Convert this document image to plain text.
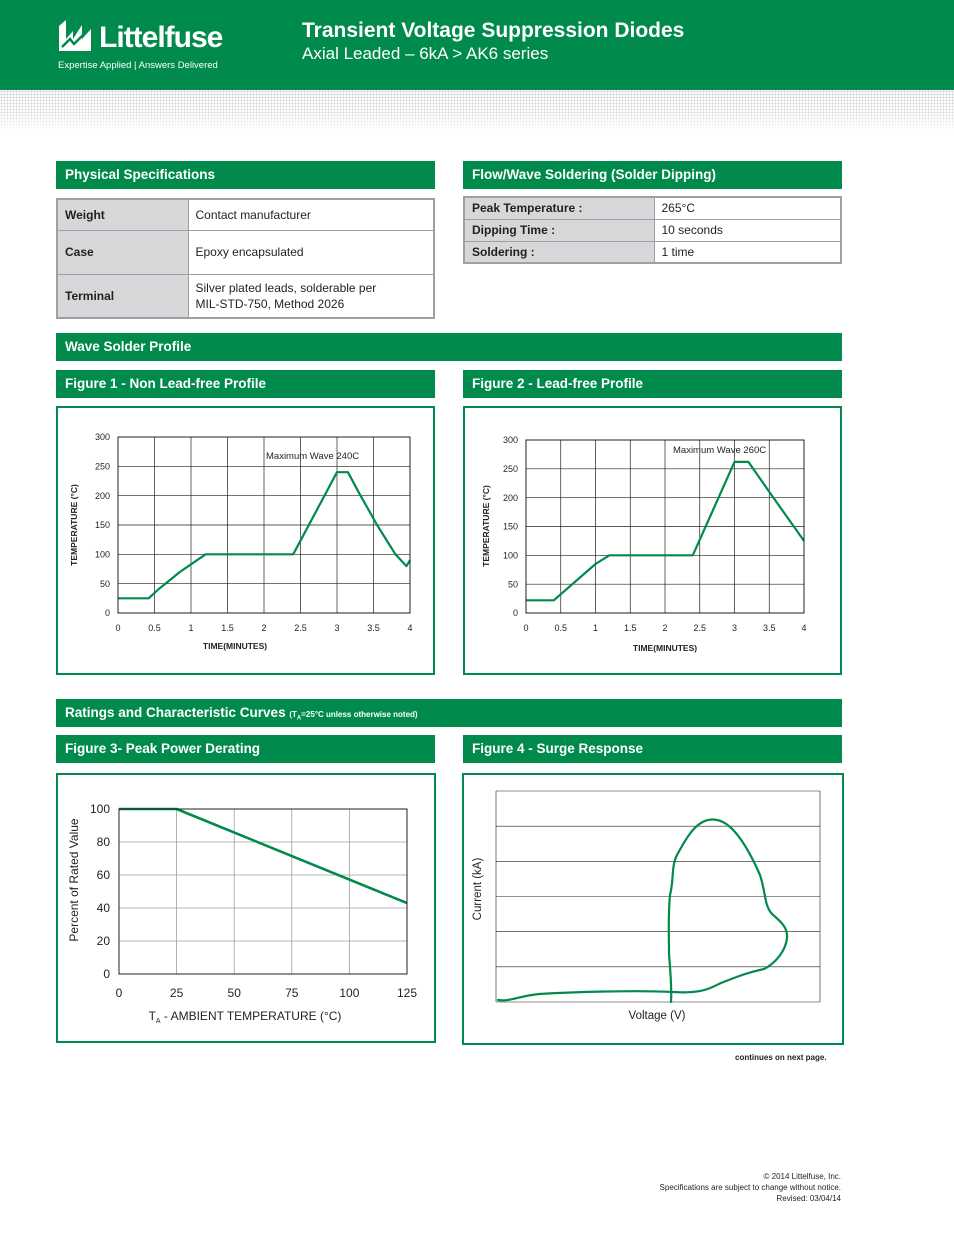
Littelfuse
Expertise Applied | Answers Delivered
Transient Voltage Suppression Diodes
Axial Leaded – 6kA > AK6 series
Physical Specifications
Weight	Contact manufacturer
Case	Epoxy encapsulated
Terminal	Silver plated leads, solderable per
MIL-STD-750, Method 2026
Flow/Wave Soldering (Solder Dipping)
Peak Temperature :	265°C
Dipping Time :	10 seconds
Soldering :	1 time
Wave Solder Profile
Figure 1 - Non Lead-free Profile
0	0.5	1	1.5	2	2.5	3	3.5	4
0
50
100
150
200
250
300
Maximum Wave 240C
TIME(MINUTES)
TEMPERATURE (°C)
Figure 2 - Lead-free Profile
0	0.5	1	1.5	2	2.5	3	3.5	4
0
50
100
150
200
250
300
Maximum Wave 260C
TIME(MINUTES)
TEMPERATURE (°C)
Ratings and Characteristic Curves ($T_A=25^\circ C$ unless otherwise noted)
Figure 3- Peak Power Derating
0	25	50	75	100	125
0
20
40
60
80
100
$T_A$ - AMBIENT TEMPERATURE (°C)
Percent of Rated Value
Figure 4 - Surge Response
Voltage (V)
Current (kA)
continues on next page.
© 2014 Littelfuse, Inc.
Specifications are subject to change without notice.
Revised: 03/04/14
